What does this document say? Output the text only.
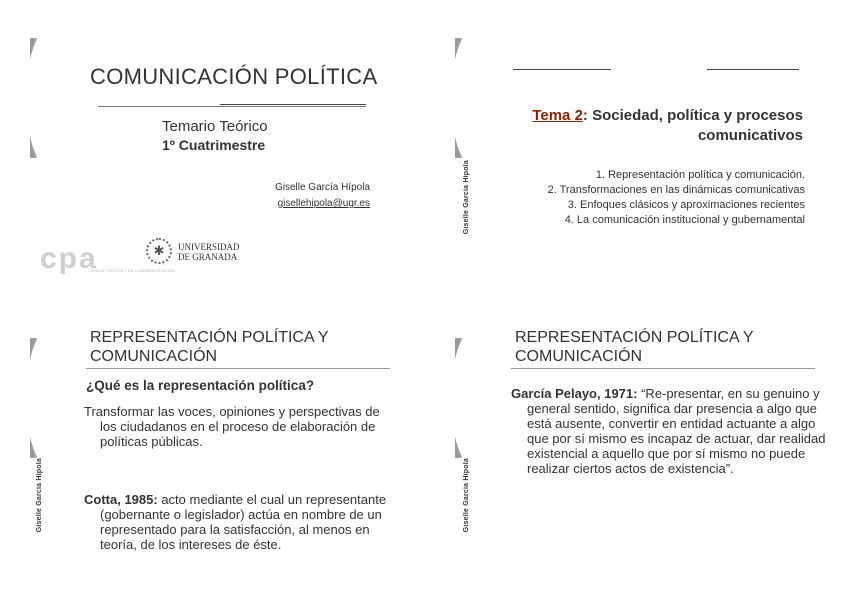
COMUNICACIÓN POLÍTICA
Temario Teórico
1º Cuatrimestre
Giselle García Hípola
gisellehipola@ugr.es
cpa
CIENCIA POLÍTICA Y DE LA ADMINISTRACIÓN
✱	UNIVERSIDAD
DE GRANADA
Tema 2: Sociedad, política y procesos comunicativos
1. Representación política y comunicación.
2. Transformaciones en las dinámicas comunicativas
3. Enfoques clásicos y aproximaciones recientes
4. La comunicación institucional y gubernamental
Giselle García Hípola
REPRESENTACIÓN POLÍTICA Y COMUNICACIÓN
¿Qué es la representación política?
Transformar las voces, opiniones y perspectivas de los ciudadanos en el proceso de elaboración de políticas públicas.
Cotta, 1985: acto mediante el cual un representante (gobernante o legislador) actúa en nombre de un representado para la satisfacción, al menos en teoría, de los intereses de éste.
Giselle García Hípola
REPRESENTACIÓN POLÍTICA Y COMUNICACIÓN
García Pelayo, 1971: “Re-presentar, en su genuino y general sentido, significa dar presencia a algo que está ausente, convertir en entidad actuante a algo que por sí mismo es incapaz de actuar, dar realidad existencial a aquello que por sí mismo no puede realizar ciertos actos de existencia”.
Giselle García Hípola
